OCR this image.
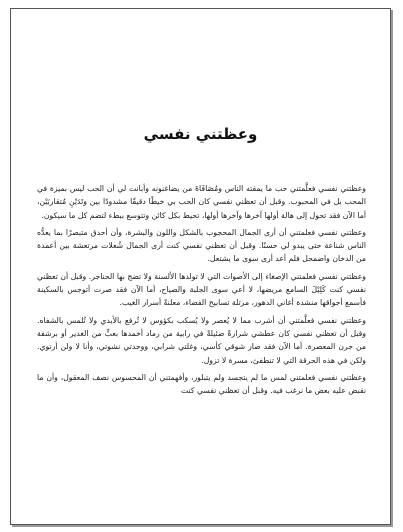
وعظتني نفسي

وعظتني نفسي فعلَّمتني حب ما يمقته الناس ومُصَافَاةَ من يضاغنونه وأبانت لي أن الحب ليس بميزة في المحب بل في المحبوب. وقبل أن تعظني نفسي كان الحب بي خيطًا دقيقًا مشدودًا بين وتَدَيْنِ مُتقاربَيْن، أما الآن فقد تحول إلى هالة أولها آخرها وآخرها أولها، تحيط بكل كائن وتتوسع ببطء لتضم كل ما سيكون.

وعظتني نفسي فعلمتني أن أرى الجمال المحجوب بالشكل واللون والبشرة، وأن أحدق متبصرًا بما يعدُّه الناس شناعة حتى يبدو لي حسنًا. وقبل أن تعظني نفسي كنت أرى الجمال شُعلات مرتعشة بين أعمدة من الدخان واضمحل فلم أعد أرى سوى ما يشتعل.

وعظتني نفسي فعلمتني الإصغاء إلى الأصوات التي لا تولدها الألسنة ولا تضج بها الحناجر. وقبل أن تعظني نفسي كنت كَلِيْلَ السامع مريضها، لا أعي سوى الجلبة والصياح، أما الآن فقد صرت أتوجس بالسكينة فأسمع أجواقها منشدة أغاني الدهور، مرتلة تسابيح الفضاء، معلنةً أسرار الغيب.

وعظتني نفسي فعلَّمتني أن أشرب مما لا يُعصر ولا يُسكب بكؤوس لا تُرفع بالأيدي ولا تُلمس بالشفاه. وقبل أن تعظني نفسي كان عطشي شرارةً ضئيلةً في رابية من رماد أخمدها بعبٍّ من الغدير أو برشفة من جرن المعصرة. أما الآن فقد صار شوقي كأسي، وغلتي شرابي، ووحدتي نشوتي، وأنا لا ولن أرتوي. ولكن في هذه الحرقة التي لا تنطفئ، مسرة لا تزول.

وعظتني نفسي فعلمتني لمس ما لم يتجسد ولم يتبلور، وأفهمتني أن المحسوس نصف المعقول، وأن ما نقبض عليه بعض ما نرغب فيه. وقبل أن تعظني نفسي كنت
